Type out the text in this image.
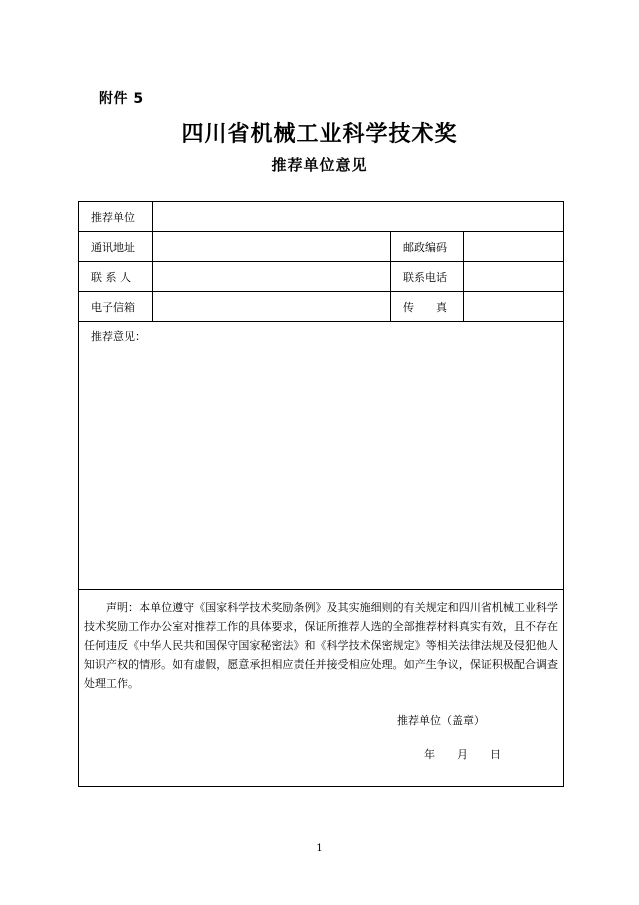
附件 5
四川省机械工业科学技术奖
推荐单位意见
推荐单位
通讯地址	邮政编码
联 系 人	联系电话
电子信箱	传　　真
推荐意见：
声明：本单位遵守《国家科学技术奖励条例》及其实施细则的有关规定和四川省机械工业科学技术奖励工作办公室对推荐工作的具体要求，保证所推荐人选的全部推荐材料真实有效，且不存在任何违反《中华人民共和国保守国家秘密法》和《科学技术保密规定》等相关法律法规及侵犯他人知识产权的情形。如有虚假，愿意承担相应责任并接受相应处理。如产生争议，保证积极配合调查处理工作。
推荐单位（盖章）
年　　月　　日
1
